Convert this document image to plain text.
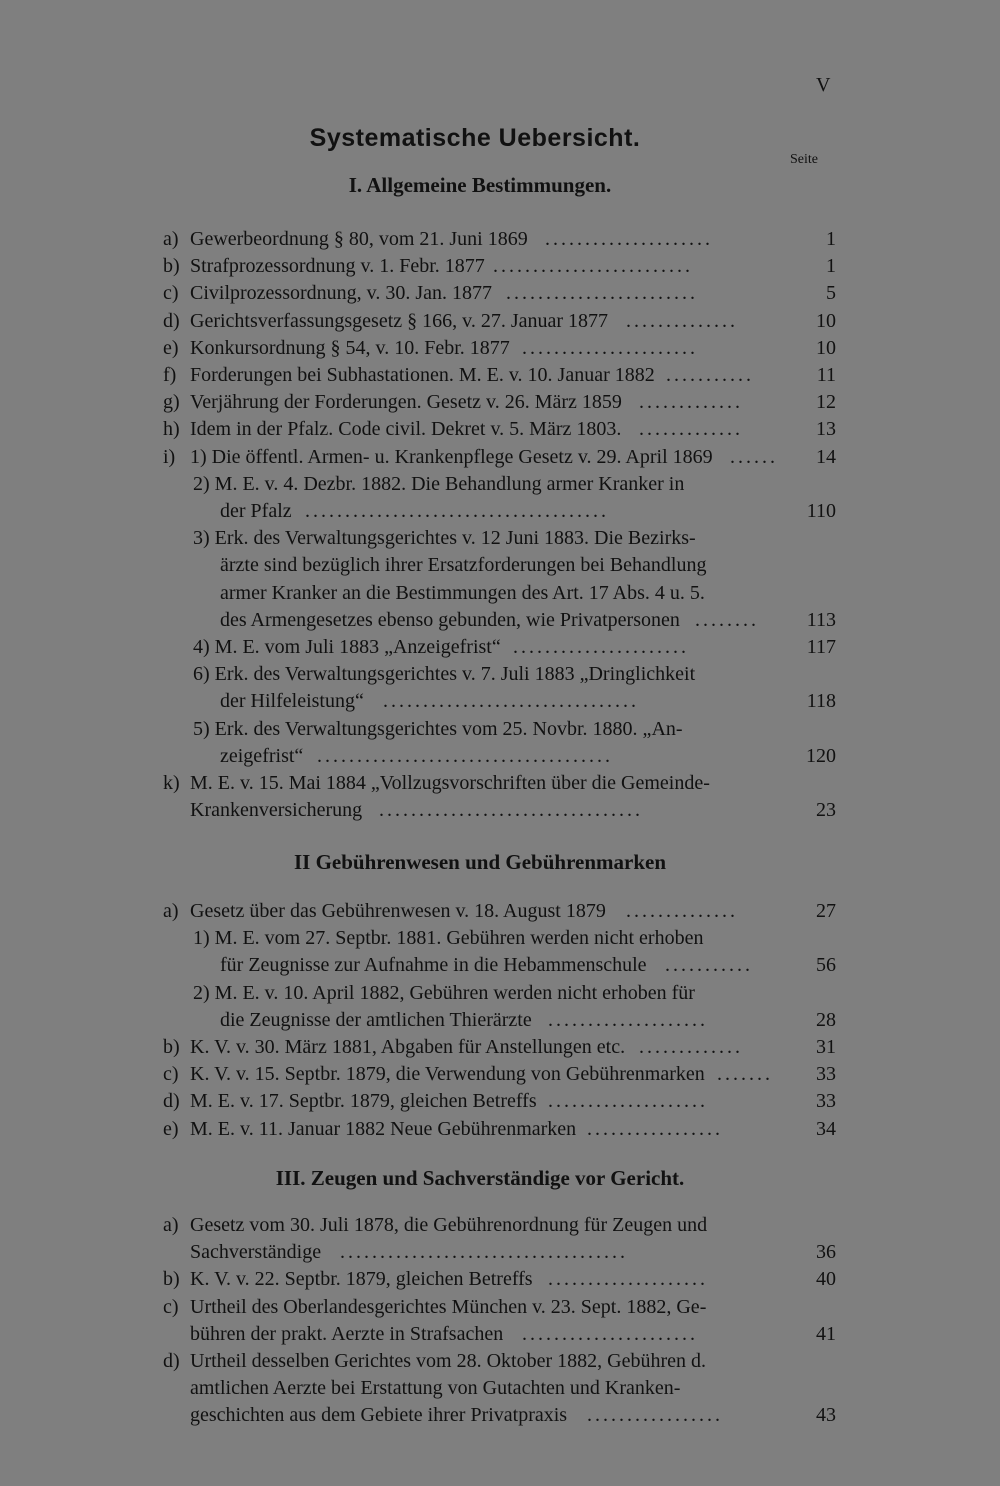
V
Systematische Uebersicht.
Seite
I. Allgemeine Bestimmungen.
a) Gewerbeordnung § 80, vom 21. Juni 1869	1
.....................
b) Strafprozessordnung v. 1. Febr. 1877	1
.........................
c) Civilprozessordnung, v. 30. Jan. 1877	5
........................
d) Gerichtsverfassungsgesetz § 166, v. 27. Januar 1877	10
..............
e) Konkursordnung § 54, v. 10. Febr. 1877	10
......................
f) Forderungen bei Subhastationen. M. E. v. 10. Januar 1882	11
...........
g) Verjährung der Forderungen. Gesetz v. 26. März 1859	12
.............
h) Idem in der Pfalz. Code civil. Dekret v. 5. März 1803.	13
.............
i) 1) Die öffentl. Armen- u. Krankenpflege Gesetz v. 29. April 1869	14
......
2) M. E. v. 4. Dezbr. 1882. Die Behandlung armer Kranker in
der Pfalz	110
......................................
3) Erk. des Verwaltungsgerichtes v. 12 Juni 1883. Die Bezirks-
ärzte sind bezüglich ihrer Ersatzforderungen bei Behandlung
armer Kranker an die Bestimmungen des Art. 17 Abs. 4 u. 5.
des Armengesetzes ebenso gebunden, wie Privatpersonen	113
........
4) M. E. vom Juli 1883 „Anzeigefrist“	117
......................
6) Erk. des Verwaltungsgerichtes v. 7. Juli 1883 „Dringlichkeit
der Hilfeleistung“	118
................................
5) Erk. des Verwaltungsgerichtes vom 25. Novbr. 1880. „An-
zeigefrist“	120
.....................................
k) M. E. v. 15. Mai 1884 „Vollzugsvorschriften über die Gemeinde-
Krankenversicherung	23
.................................
II Gebührenwesen und Gebührenmarken
a) Gesetz über das Gebührenwesen v. 18. August 1879	27
..............
1) M. E. vom 27. Septbr. 1881. Gebühren werden nicht erhoben
für Zeugnisse zur Aufnahme in die Hebammenschule	56
...........
2) M. E. v. 10. April 1882, Gebühren werden nicht erhoben für
die Zeugnisse der amtlichen Thierärzte	28
....................
b) K. V. v. 30. März 1881, Abgaben für Anstellungen etc.	31
.............
c) K. V. v. 15. Septbr. 1879, die Verwendung von Gebührenmarken	33
.......
d) M. E. v. 17. Septbr. 1879, gleichen Betreffs	33
....................
e) M. E. v. 11. Januar 1882 Neue Gebührenmarken	34
.................
III. Zeugen und Sachverständige vor Gericht.
a) Gesetz vom 30. Juli 1878, die Gebührenordnung für Zeugen und
Sachverständige	36
....................................
b) K. V. v. 22. Septbr. 1879, gleichen Betreffs	40
....................
c) Urtheil des Oberlandesgerichtes München v. 23. Sept. 1882, Ge-
bühren der prakt. Aerzte in Strafsachen	41
......................
d) Urtheil desselben Gerichtes vom 28. Oktober 1882, Gebühren d.
amtlichen Aerzte bei Erstattung von Gutachten und Kranken-
geschichten aus dem Gebiete ihrer Privatpraxis	43
.................
